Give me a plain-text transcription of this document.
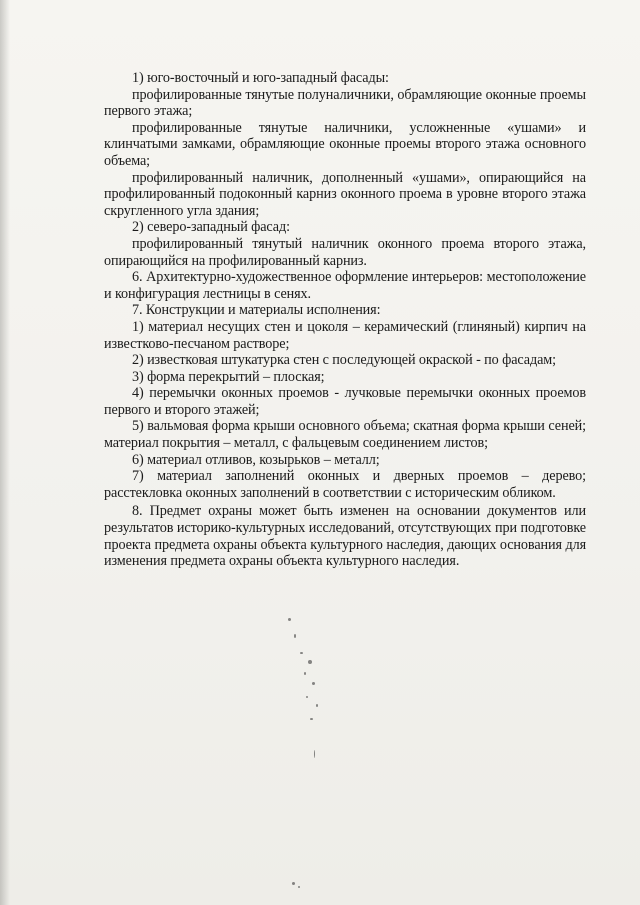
1) юго-восточный и юго-западный фасады:

профилированные тянутые полуналичники, обрамляющие оконные проемы первого этажа;

профилированные тянутые наличники, усложненные «ушами» и клинчатыми замками, обрамляющие оконные проемы второго этажа основного объема;

профилированный наличник, дополненный «ушами», опирающийся на профилированный подоконный карниз оконного проема в уровне второго этажа скругленного угла здания;

2) северо-западный фасад:

профилированный тянутый наличник оконного проема второго этажа, опирающийся на профилированный карниз.

6. Архитектурно-художественное оформление интерьеров: местоположение и конфигурация лестницы в сенях.

7. Конструкции и материалы исполнения:

1) материал несущих стен и цоколя – керамический (глиняный) кирпич на известково-песчаном растворе;

2) известковая штукатурка стен с последующей окраской - по фасадам;

3) форма перекрытий – плоская;

4) перемычки оконных проемов - лучковые перемычки оконных проемов первого и второго этажей;

5) вальмовая форма крыши основного объема; скатная форма крыши сеней; материал покрытия – металл, с фальцевым соединением листов;

6) материал отливов, козырьков – металл;

7) материал заполнений оконных и дверных проемов – дерево; расстекловка оконных заполнений в соответствии с историческим обликом.

8. Предмет охраны может быть изменен на основании документов или результатов историко-культурных исследований, отсутствующих при подготовке проекта предмета охраны объекта культурного наследия, дающих основания для изменения предмета охраны объекта культурного наследия.
